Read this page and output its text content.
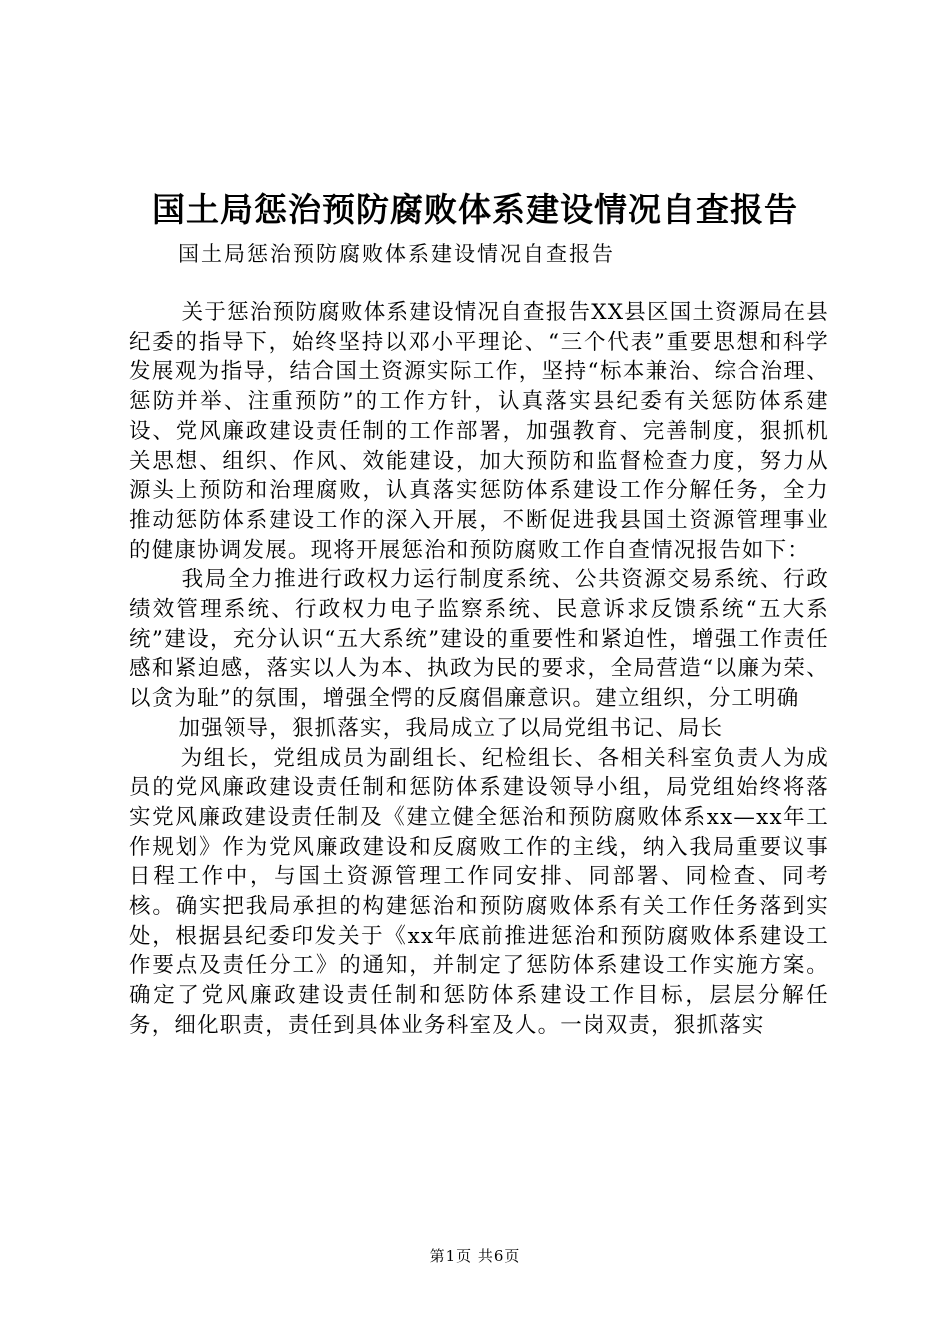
国土局惩治预防腐败体系建设情况自查报告
国土局惩治预防腐败体系建设情况自查报告

关于惩治预防腐败体系建设情况自查报告XX县区国土资源局在县纪委的指导下，始终坚持以邓小平理论、“三个代表”重要思想和科学发展观为指导，结合国土资源实际工作，坚持“标本兼治、综合治理、惩防并举、注重预防”的工作方针，认真落实县纪委有关惩防体系建设、党风廉政建设责任制的工作部署，加强教育、完善制度，狠抓机关思想、组织、作风、效能建设，加大预防和监督检查力度，努力从源头上预防和治理腐败，认真落实惩防体系建设工作分解任务，全力推动惩防体系建设工作的深入开展，不断促进我县国土资源管理事业的健康协调发展。现将开展惩治和预防腐败工作自查情况报告如下：

我局全力推进行政权力运行制度系统、公共资源交易系统、行政绩效管理系统、行政权力电子监察系统、民意诉求反馈系统“五大系统”建设，充分认识“五大系统”建设的重要性和紧迫性，增强工作责任感和紧迫感，落实以人为本、执政为民的要求，全局营造“以廉为荣、以贪为耻”的氛围，增强全愕的反腐倡廉意识。建立组织，分工明确

加强领导，狠抓落实，我局成立了以局党组书记、局长

为组长，党组成员为副组长、纪检组长、各相关科室负责人为成员的党风廉政建设责任制和惩防体系建设领导小组，局党组始终将落实党风廉政建设责任制及《建立健全惩治和预防腐败体系xx—xx年工作规划》作为党风廉政建设和反腐败工作的主线，纳入我局重要议事日程工作中，与国土资源管理工作同安排、同部署、同检查、同考核。确实把我局承担的构建惩治和预防腐败体系有关工作任务落到实处，根据县纪委印发关于《xx年底前推进惩治和预防腐败体系建设工作要点及责任分工》的通知，并制定了惩防体系建设工作实施方案。确定了党风廉政建设责任制和惩防体系建设工作目标，层层分解任务，细化职责，责任到具体业务科室及人。一岗双责，狠抓落实

第1页 共6页
